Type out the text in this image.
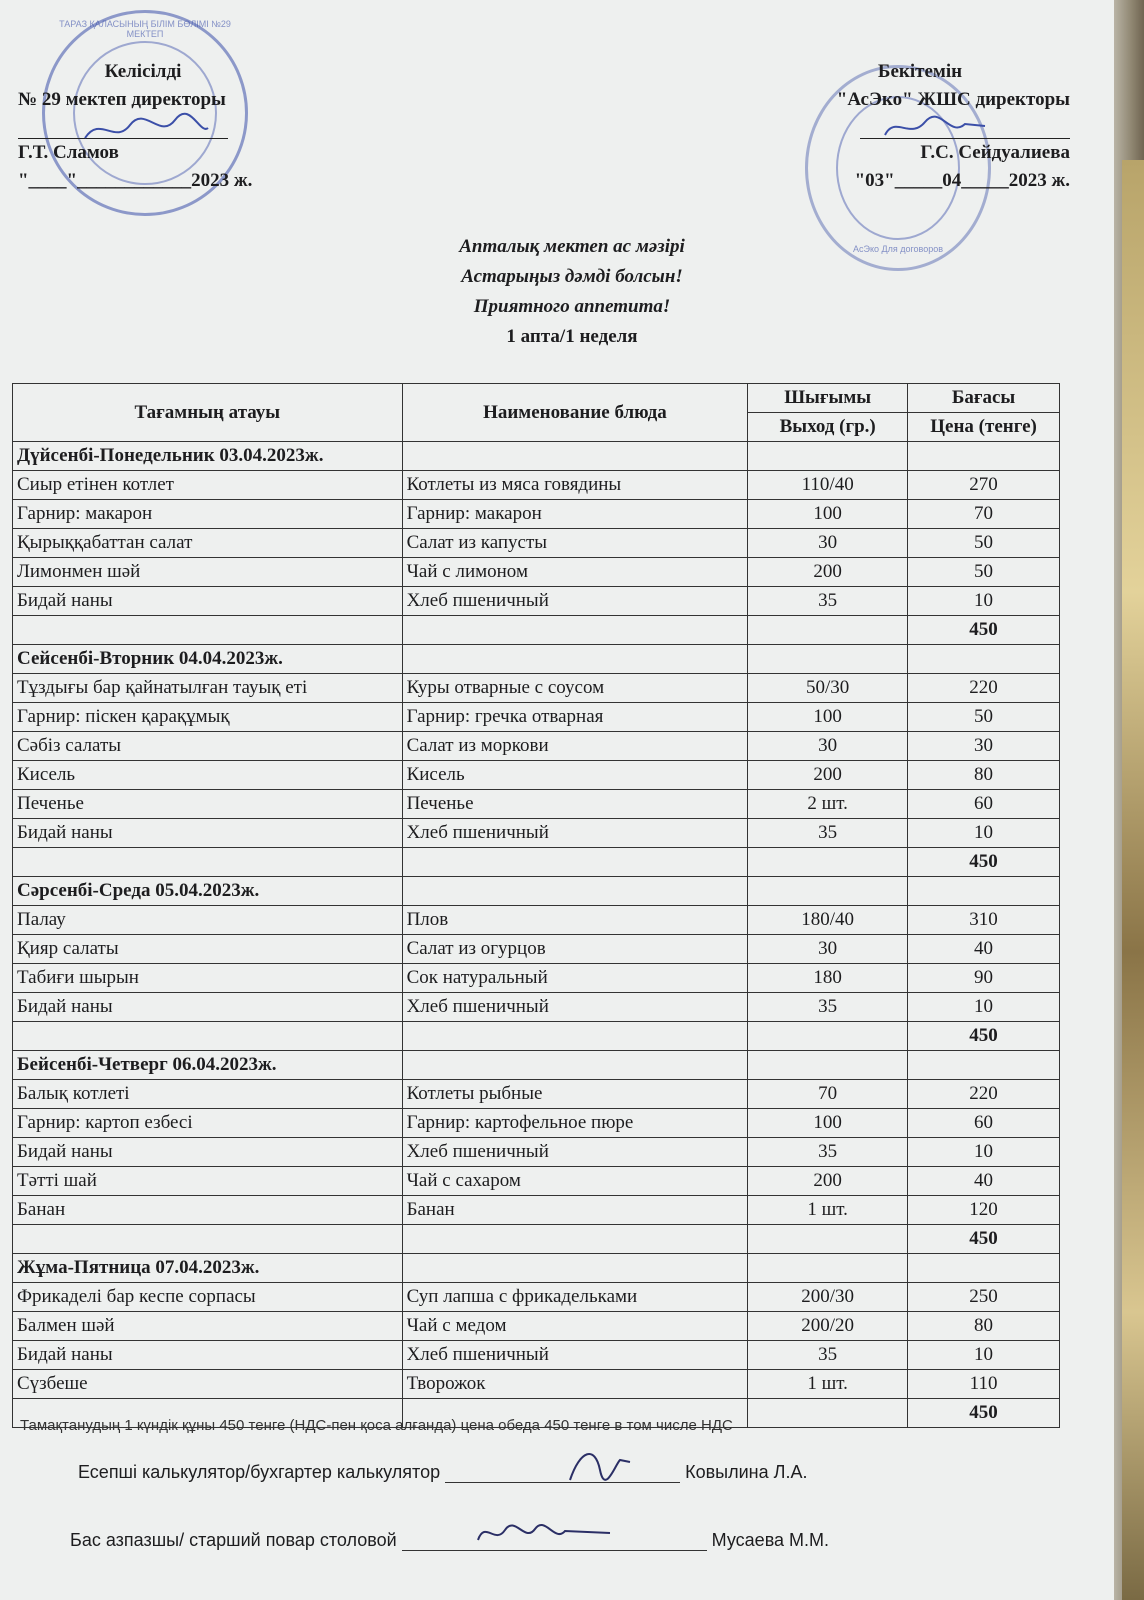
ТАРАЗ ҚАЛАСЫНЫҢ БІЛІМ БӨЛІМІ №29 МЕКТЕП
АсЭко Для договоров
Келісілді
№ 29 мектеп директоры
Г.Т. Сламов
"____"____________2023 ж.
Бекітемін
"АсЭко" ЖШС директоры
Г.С. Сейдуалиева
"03"_____04_____2023 ж.
Апталық мектеп ас мәзірі
Астарыңыз дәмді болсын!
Приятного аппетита!
1 апта/1 неделя
Тағамның атауы	Наименование блюда	Шығымы	Бағасы
		Выход (гр.)	Цена (тенге)
Дүйсенбі-Понедельник 03.04.2023ж.			
Сиыр етінен котлет	Котлеты из мяса говядины	110/40	270
Гарнир: макарон	Гарнир: макарон	100	70
Қырыққабаттан салат	Салат из капусты	30	50
Лимонмен шәй	Чай с лимоном	200	50
Бидай наны	Хлеб пшеничный	35	10
			450
Сейсенбі-Вторник 04.04.2023ж.			
Тұздығы бар қайнатылған тауық еті	Куры отварные с соусом	50/30	220
Гарнир: піскен қарақұмық	Гарнир: гречка отварная	100	50
Сәбіз салаты	Салат из моркови	30	30
Кисель	Кисель	200	80
Печенье	Печенье	2 шт.	60
Бидай наны	Хлеб пшеничный	35	10
			450
Сәрсенбі-Среда 05.04.2023ж.			
Палау	Плов	180/40	310
Қияр салаты	Салат из огурцов	30	40
Табиғи шырын	Сок натуральный	180	90
Бидай наны	Хлеб пшеничный	35	10
			450
Бейсенбі-Четверг 06.04.2023ж.			
Балық котлеті	Котлеты рыбные	70	220
Гарнир: картоп езбесі	Гарнир: картофельное пюре	100	60
Бидай наны	Хлеб пшеничный	35	10
Тәтті шай	Чай с сахаром	200	40
Банан	Банан	1 шт.	120
			450
Жұма-Пятница 07.04.2023ж.			
Фрикаделі бар кеспе сорпасы	Суп лапша с фрикадельками	200/30	250
Балмен шәй	Чай с медом	200/20	80
Бидай наны	Хлеб пшеничный	35	10
Сүзбеше	Творожок	1 шт.	110
			450
Тамақтанудың 1 күндік құны 450 тенге (НДС-пен қоса алғанда) цена обеда 450 тенге в том числе НДС
Есепші калькулятор/бухгартер калькулятор	Ковылина Л.А.
Бас азпазшы/ старший повар столовой	Мусаева М.М.
